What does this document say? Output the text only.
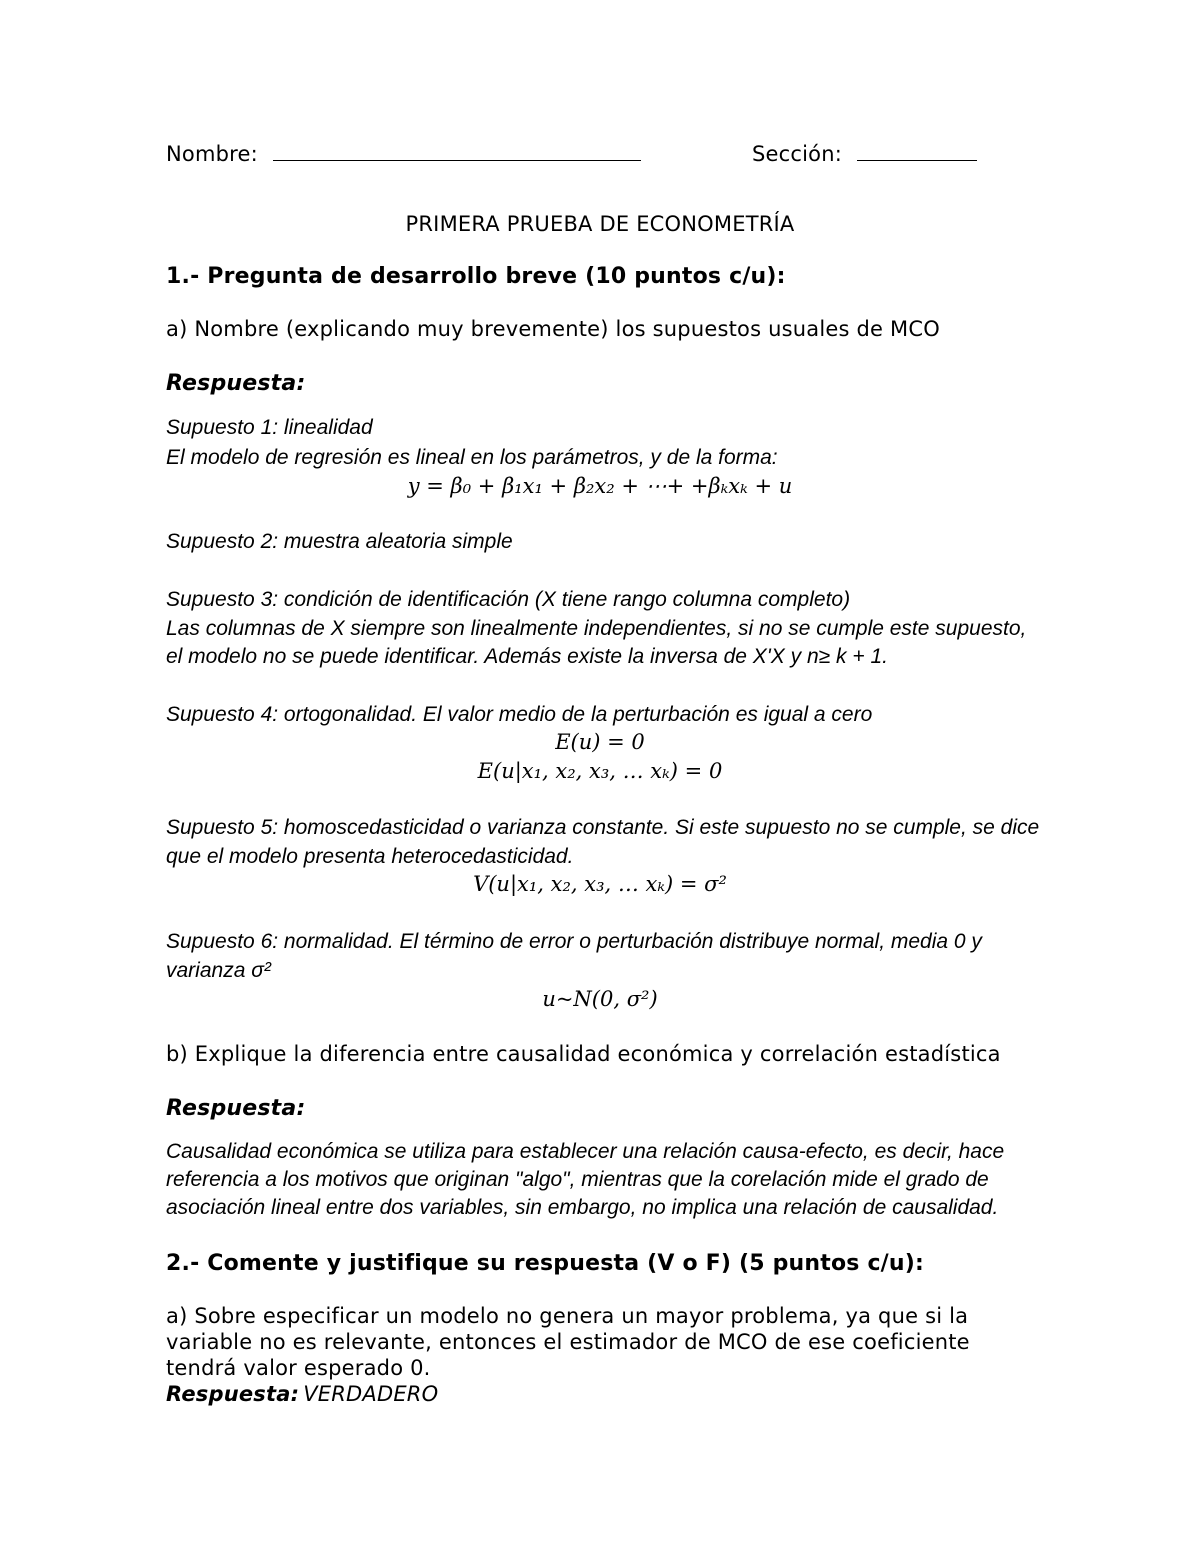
Nombre:	Sección:
PRIMERA PRUEBA DE ECONOMETRÍA
1.- Pregunta de desarrollo breve (10 puntos c/u):
a) Nombre (explicando muy brevemente) los supuestos usuales de MCO
Respuesta:
Supuesto 1: linealidad
El modelo de regresión es lineal en los parámetros, y de la forma:
y = β₀ + β₁x₁ + β₂x₂ + ⋯+ +βₖxₖ + u
Supuesto 2: muestra aleatoria simple
Supuesto 3: condición de identificación (X tiene rango columna completo)
Las columnas de X siempre son linealmente independientes, si no se cumple este supuesto,
el modelo no se puede identificar. Además existe la inversa de X'X y n≥ k + 1.
Supuesto 4: ortogonalidad. El valor medio de la perturbación es igual a cero
E(u) = 0
E(u|x₁, x₂, x₃, … xₖ) = 0
Supuesto 5: homoscedasticidad o varianza constante. Si este supuesto no se cumple, se dice
que el modelo presenta heterocedasticidad.
V(u|x₁, x₂, x₃, … xₖ) = σ²
Supuesto 6: normalidad. El término de error o perturbación distribuye normal, media 0 y
varianza σ²
u~N(0, σ²)
b) Explique la diferencia entre causalidad económica y correlación estadística
Respuesta:
Causalidad económica se utiliza para establecer una relación causa-efecto, es decir, hace
referencia a los motivos que originan "algo", mientras que la corelación mide el grado de
asociación lineal entre dos variables, sin embargo, no implica una relación de causalidad.
2.- Comente y justifique su respuesta (V o F) (5 puntos c/u):
a) Sobre especificar un modelo no genera un mayor problema, ya que si la
variable no es relevante, entonces el estimador de MCO de ese coeficiente
tendrá valor esperado 0.
Respuesta: VERDADERO
